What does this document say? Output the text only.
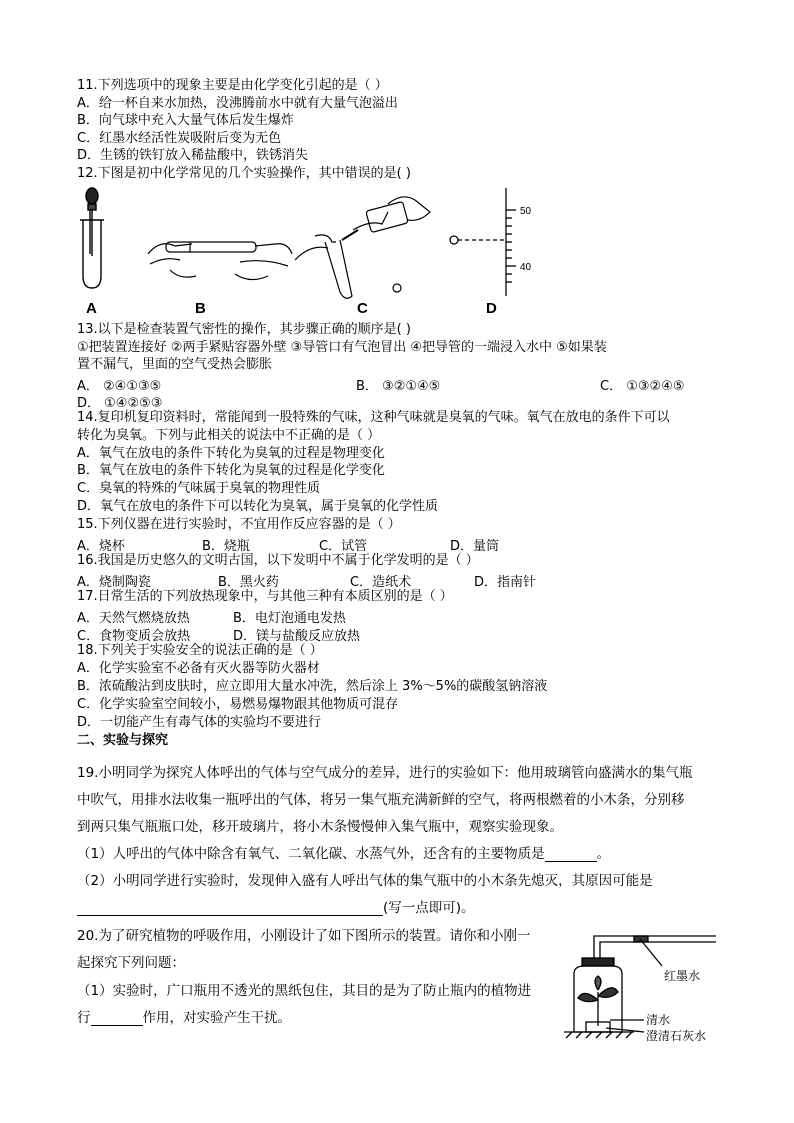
11.下列选项中的现象主要是由化学变化引起的是（ ）
A．给一杯自来水加热，没沸腾前水中就有大量气泡溢出
B．向气球中充入大量气体后发生爆炸
C．红墨水经活性炭吸附后变为无色
D．生锈的铁钉放入稀盐酸中，铁锈消失
12.下图是初中化学常见的几个实验操作，其中错误的是( )
A	B	C
50
40
D
13.以下是检查装置气密性的操作，其步骤正确的顺序是( )
①把装置连接好 ②两手紧贴容器外壁 ③导管口有气泡冒出 ④把导管的一端浸入水中 ⑤如果装
置不漏气，里面的空气受热会膨胀
A． ②④①③⑤	B． ③②①④⑤	C． ①③②④⑤
D． ①④②⑤③
14.复印机复印资料时，常能闻到一股特殊的气味，这种气味就是臭氧的气味。氧气在放电的条件下可以
转化为臭氧。下列与此相关的说法中不正确的是（ ）
A．氧气在放电的条件下转化为臭氧的过程是物理变化
B．氧气在放电的条件下转化为臭氧的过程是化学变化
C．臭氧的特殊的气味属于臭氧的物理性质
D．氧气在放电的条件下可以转化为臭氧，属于臭氧的化学性质
15.下列仪器在进行实验时，不宜用作反应容器的是（ ）
A．烧杯	B．烧瓶	C．试管	D．量筒
16.我国是历史悠久的文明古国，以下发明中不属于化学发明的是（ ）
A．烧制陶瓷	B．黑火药	C．造纸术	D．指南针
17.日常生活的下列放热现象中，与其他三种有本质区别的是（ ）
A．天然气燃烧放热	B．电灯泡通电发热
C．食物变质会放热	D．镁与盐酸反应放热
18.下列关于实验安全的说法正确的是（ ）
A．化学实验室不必备有灭火器等防火器材
B．浓硫酸沾到皮肤时，应立即用大量水冲洗，然后涂上 3%～5%的碳酸氢钠溶液
C．化学实验室空间较小，易燃易爆物跟其他物质可混存
D．一切能产生有毒气体的实验均不要进行
二、实验与探究
19.小明同学为探究人体呼出的气体与空气成分的差异，进行的实验如下：他用玻璃管向盛满水的集气瓶
中吹气，用排水法收集一瓶呼出的气体，将另一集气瓶充满新鲜的空气，将两根燃着的小木条，分别移
到两只集气瓶瓶口处，移开玻璃片，将小木条慢慢伸入集气瓶中，观察实验现象。
（1）人呼出的气体中除含有氧气、二氧化碳、水蒸气外，还含有的主要物质是	。
（2）小明同学进行实验时，发现伸入盛有人呼出气体的集气瓶中的小木条先熄灭，其原因可能是
(写一点即可)。
20.为了研究植物的呼吸作用，小刚设计了如下图所示的装置。请你和小刚一
起探究下列问题：
（1）实验时，广口瓶用不透光的黑纸包住，其目的是为了防止瓶内的植物进
行	作用，对实验产生干扰。
红墨水
清水
澄清石灰水
